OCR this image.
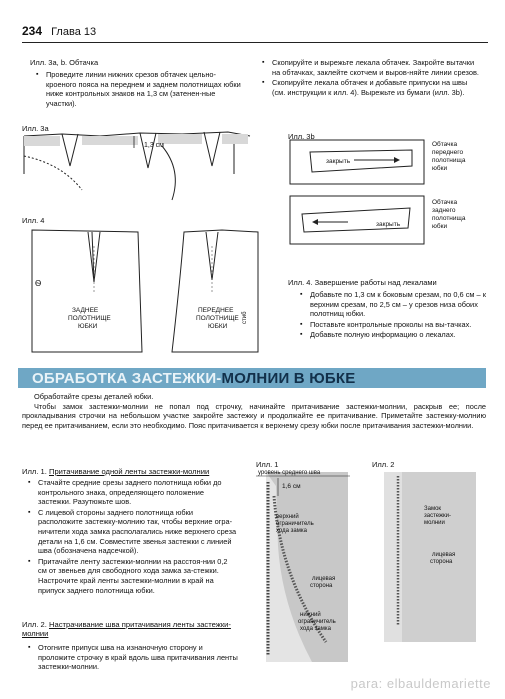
234 Глава 13
Илл. 3a, b. Обтачка
▪ Проведите линии нижних срезов обтачек цельно-кроеного пояса на переднем и заднем полотнищах юбки ниже контрольных знаков на 1,3 см (затенен-ные участки).
▪ Скопируйте и вырежьте лекала обтачек. Закройте вытачки на обтачках, заклейте скотчем и выров-няйте линии срезов.
▪ Скопируйте лекала обтачек и добавьте припуски на швы (см. инструкции к илл. 4). Вырежьте из бумаги (илл. 3b).
Илл. 3a
1,3 см
Илл. 4
Ѳ
стиб
ЗАДНЕЕ
ПОЛОТНИЩЕ
ЮБКИ
ПЕРЕДНЕЕ
ПОЛОТНИЩЕ
ЮБКИ
Илл. 3b
закрыть
закрыть
Обтачка
переднего
полотнища
юбки
Обтачка
заднего
полотнища
юбки
Илл. 4. Завершение работы над лекалами
▪ Добавьте по 1,3 см к боковым срезам, по 0,6 см – к верхним срезам, по 2,5 см – у срезов низа обоих полотнищ юбки.
▪ Поставьте контрольные проколы на вы-тачках.
▪ Добавьте полную информацию о лекалах.
ОБРАБОТКА ЗАСТЕЖКИ-МОЛНИИ В ЮБКЕ
Обработайте срезы деталей юбки.
Чтобы замок застежки-молнии не попал под строчку, начинайте притачивание застежки-молнии, раскрыв ее; после прокладывания строчки на небольшом участке закройте застежку и продолжайте ее притачивание. Приметайте застежку-молнию перед ее притачиванием, если это необходимо. Пояс притачивается к верхнему срезу юбки после притачивания застежки-молнии.
Илл. 1. Притачивание одной ленты застежки-молнии
▪ Стачайте средние срезы заднего полотнища юбки до контрольного знака, определяющего положение застежки. Разутюжьте шов.
▪ С лицевой стороны заднего полотнища юбки расположите застежку-молнию так, чтобы верхние огра-ничители хода замка располагались ниже верхнего среза детали на 1,6 см. Совместите звенья застежки с линией шва (обозначена надсечкой).
▪ Притачайте ленту застежки-молнии на расстоя-нии 0,2 см от звеньев для свободного хода замка за-стежки. Настрочите край ленты застежки-молнии в край на припуск заднего полотнища юбки.
Илл. 2. Настрачивание шва притачивания ленты застежки-молнии
▪ Отогните припуск шва на изнаночную сторону и проложите строчку в край вдоль шва притачивания ленты застежки-молнии.
Илл. 1
уровень среднего шва
1,6 см
верхний
ограничитель
хода замка
лицевая
сторона
нижний
ограничитель
хода замка
Илл. 2
Замок
застежки-
молнии
лицевая
сторона
para: elbauldemariette
